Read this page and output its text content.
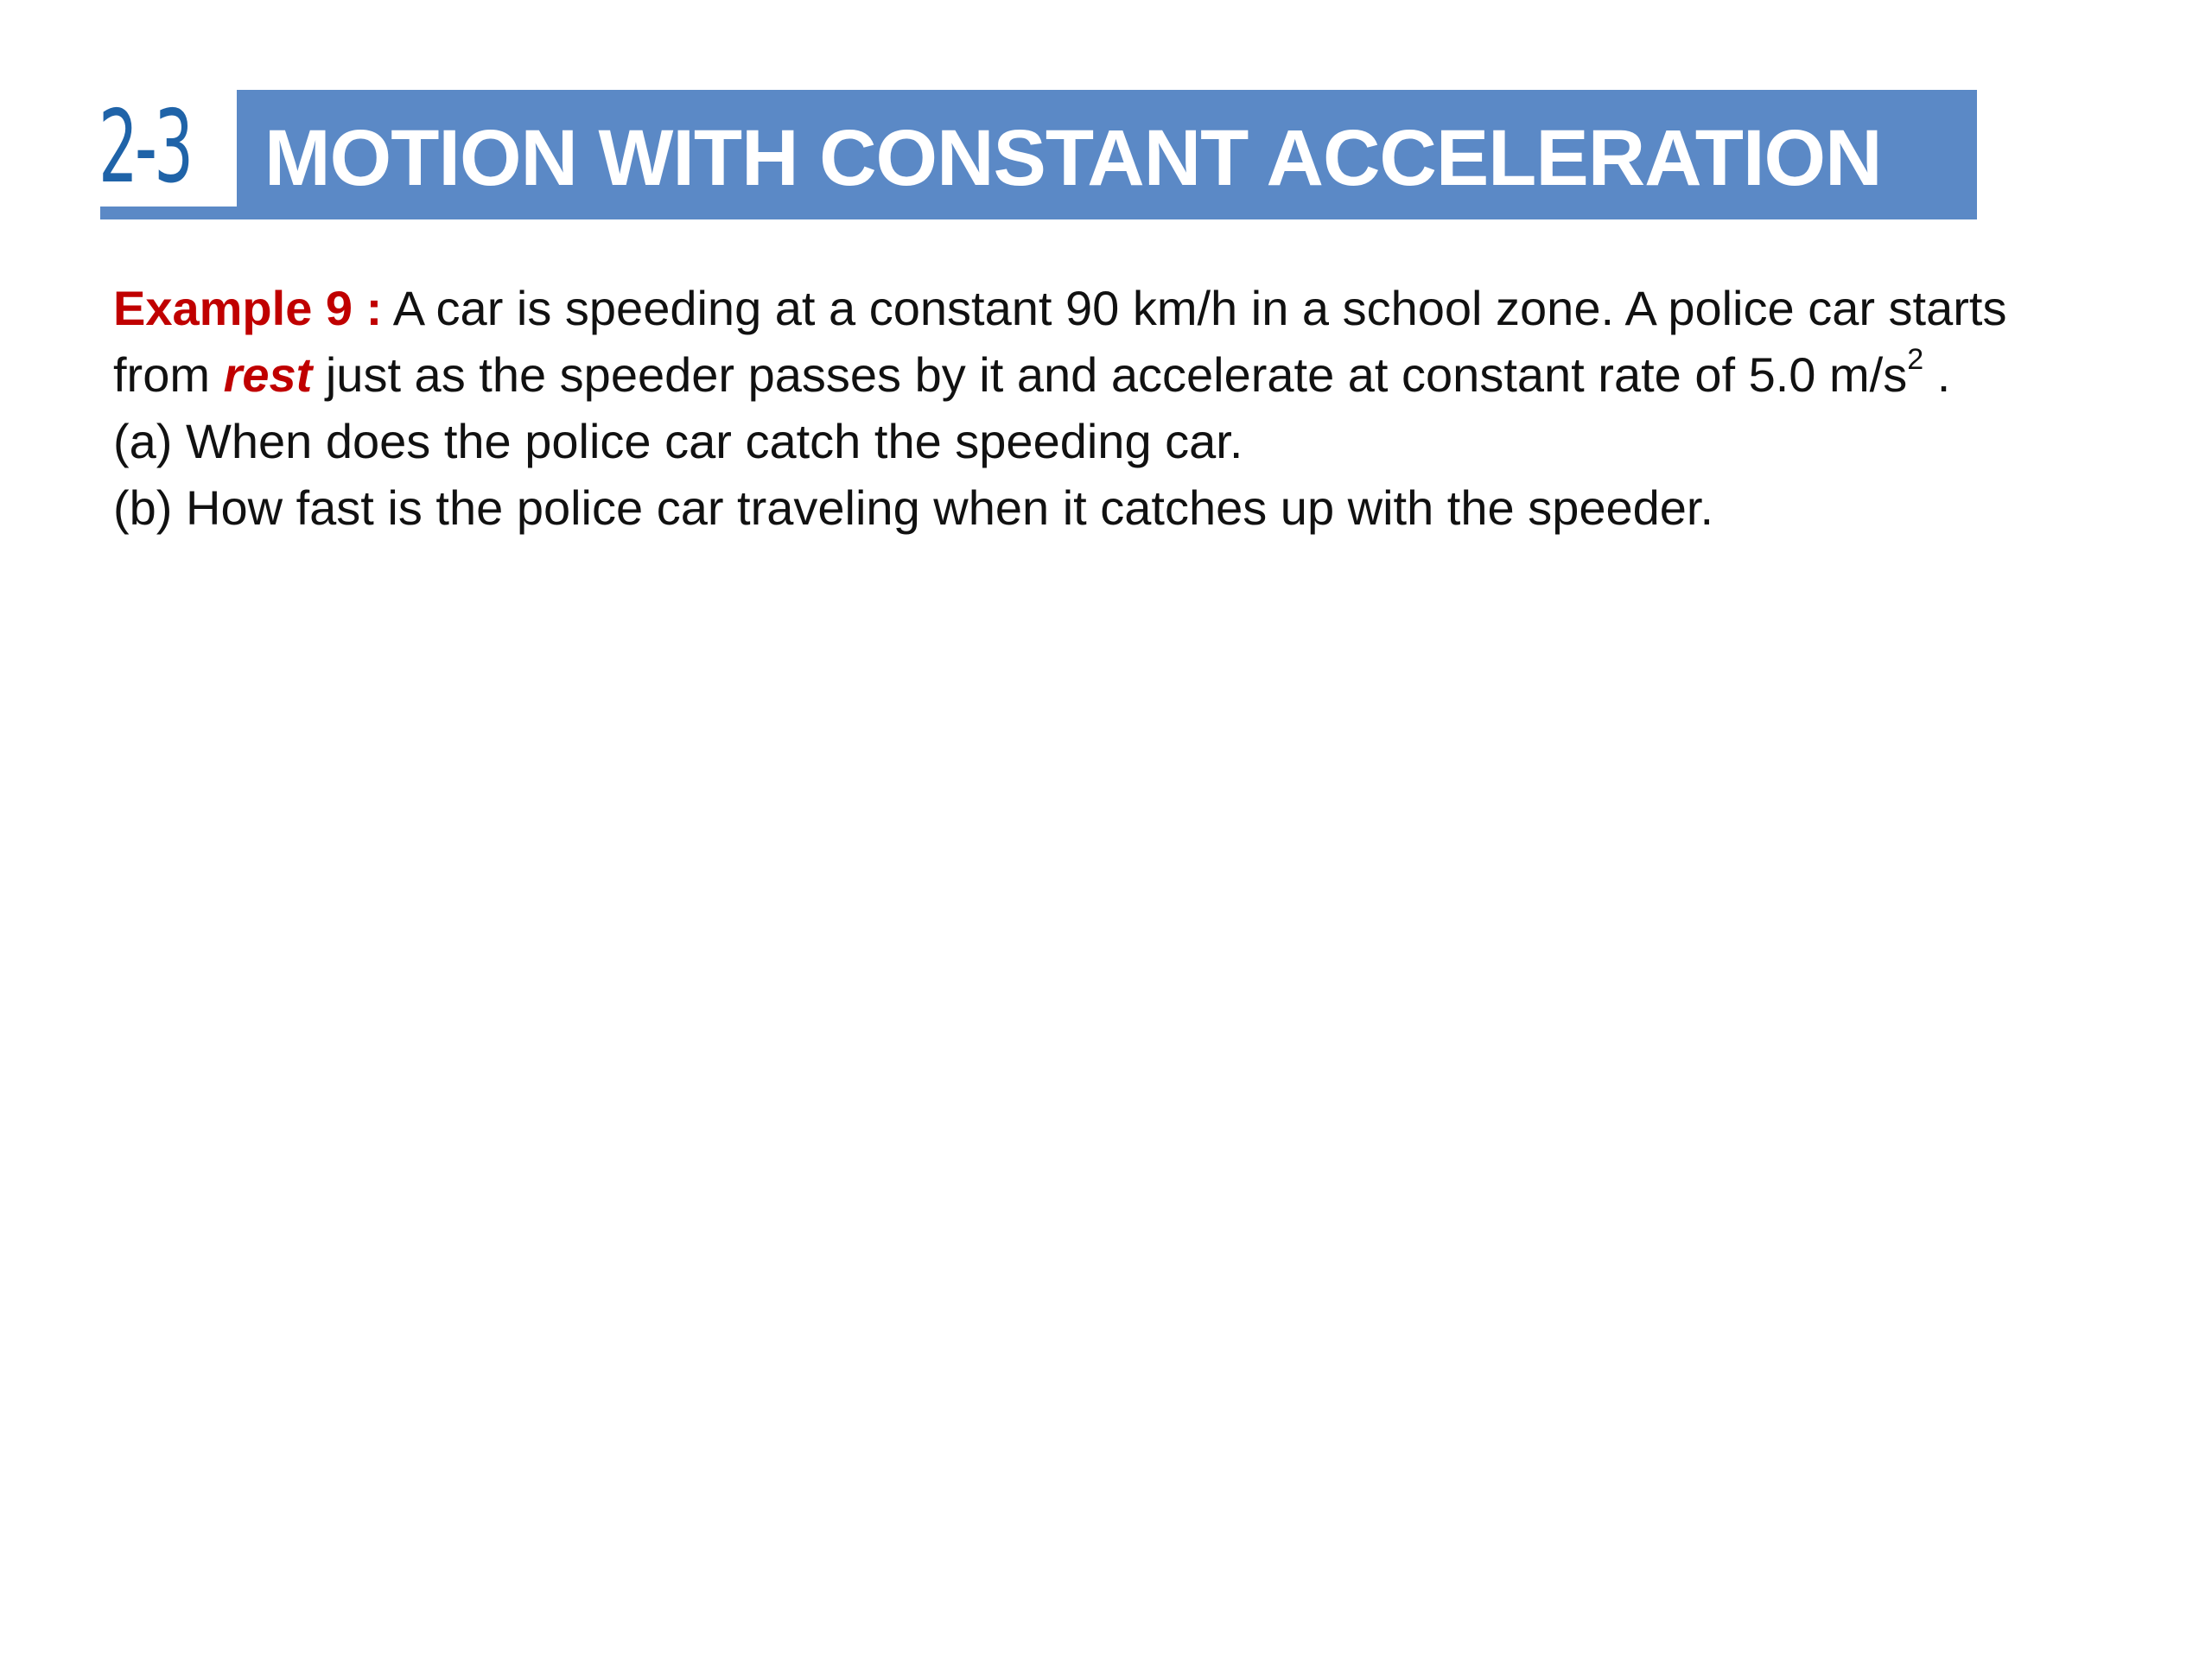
2-3 MOTION WITH CONSTANT ACCELERATION

Example 9 : A car is speeding at a constant 90 km/h in a school zone. A police car starts

from rest just as the speeder passes by it and accelerate at constant rate of 5.0 $m/s^2$ .

(a) When does the police car catch the speeding car.

(b) How fast is the police car traveling when it catches up with the speeder.
